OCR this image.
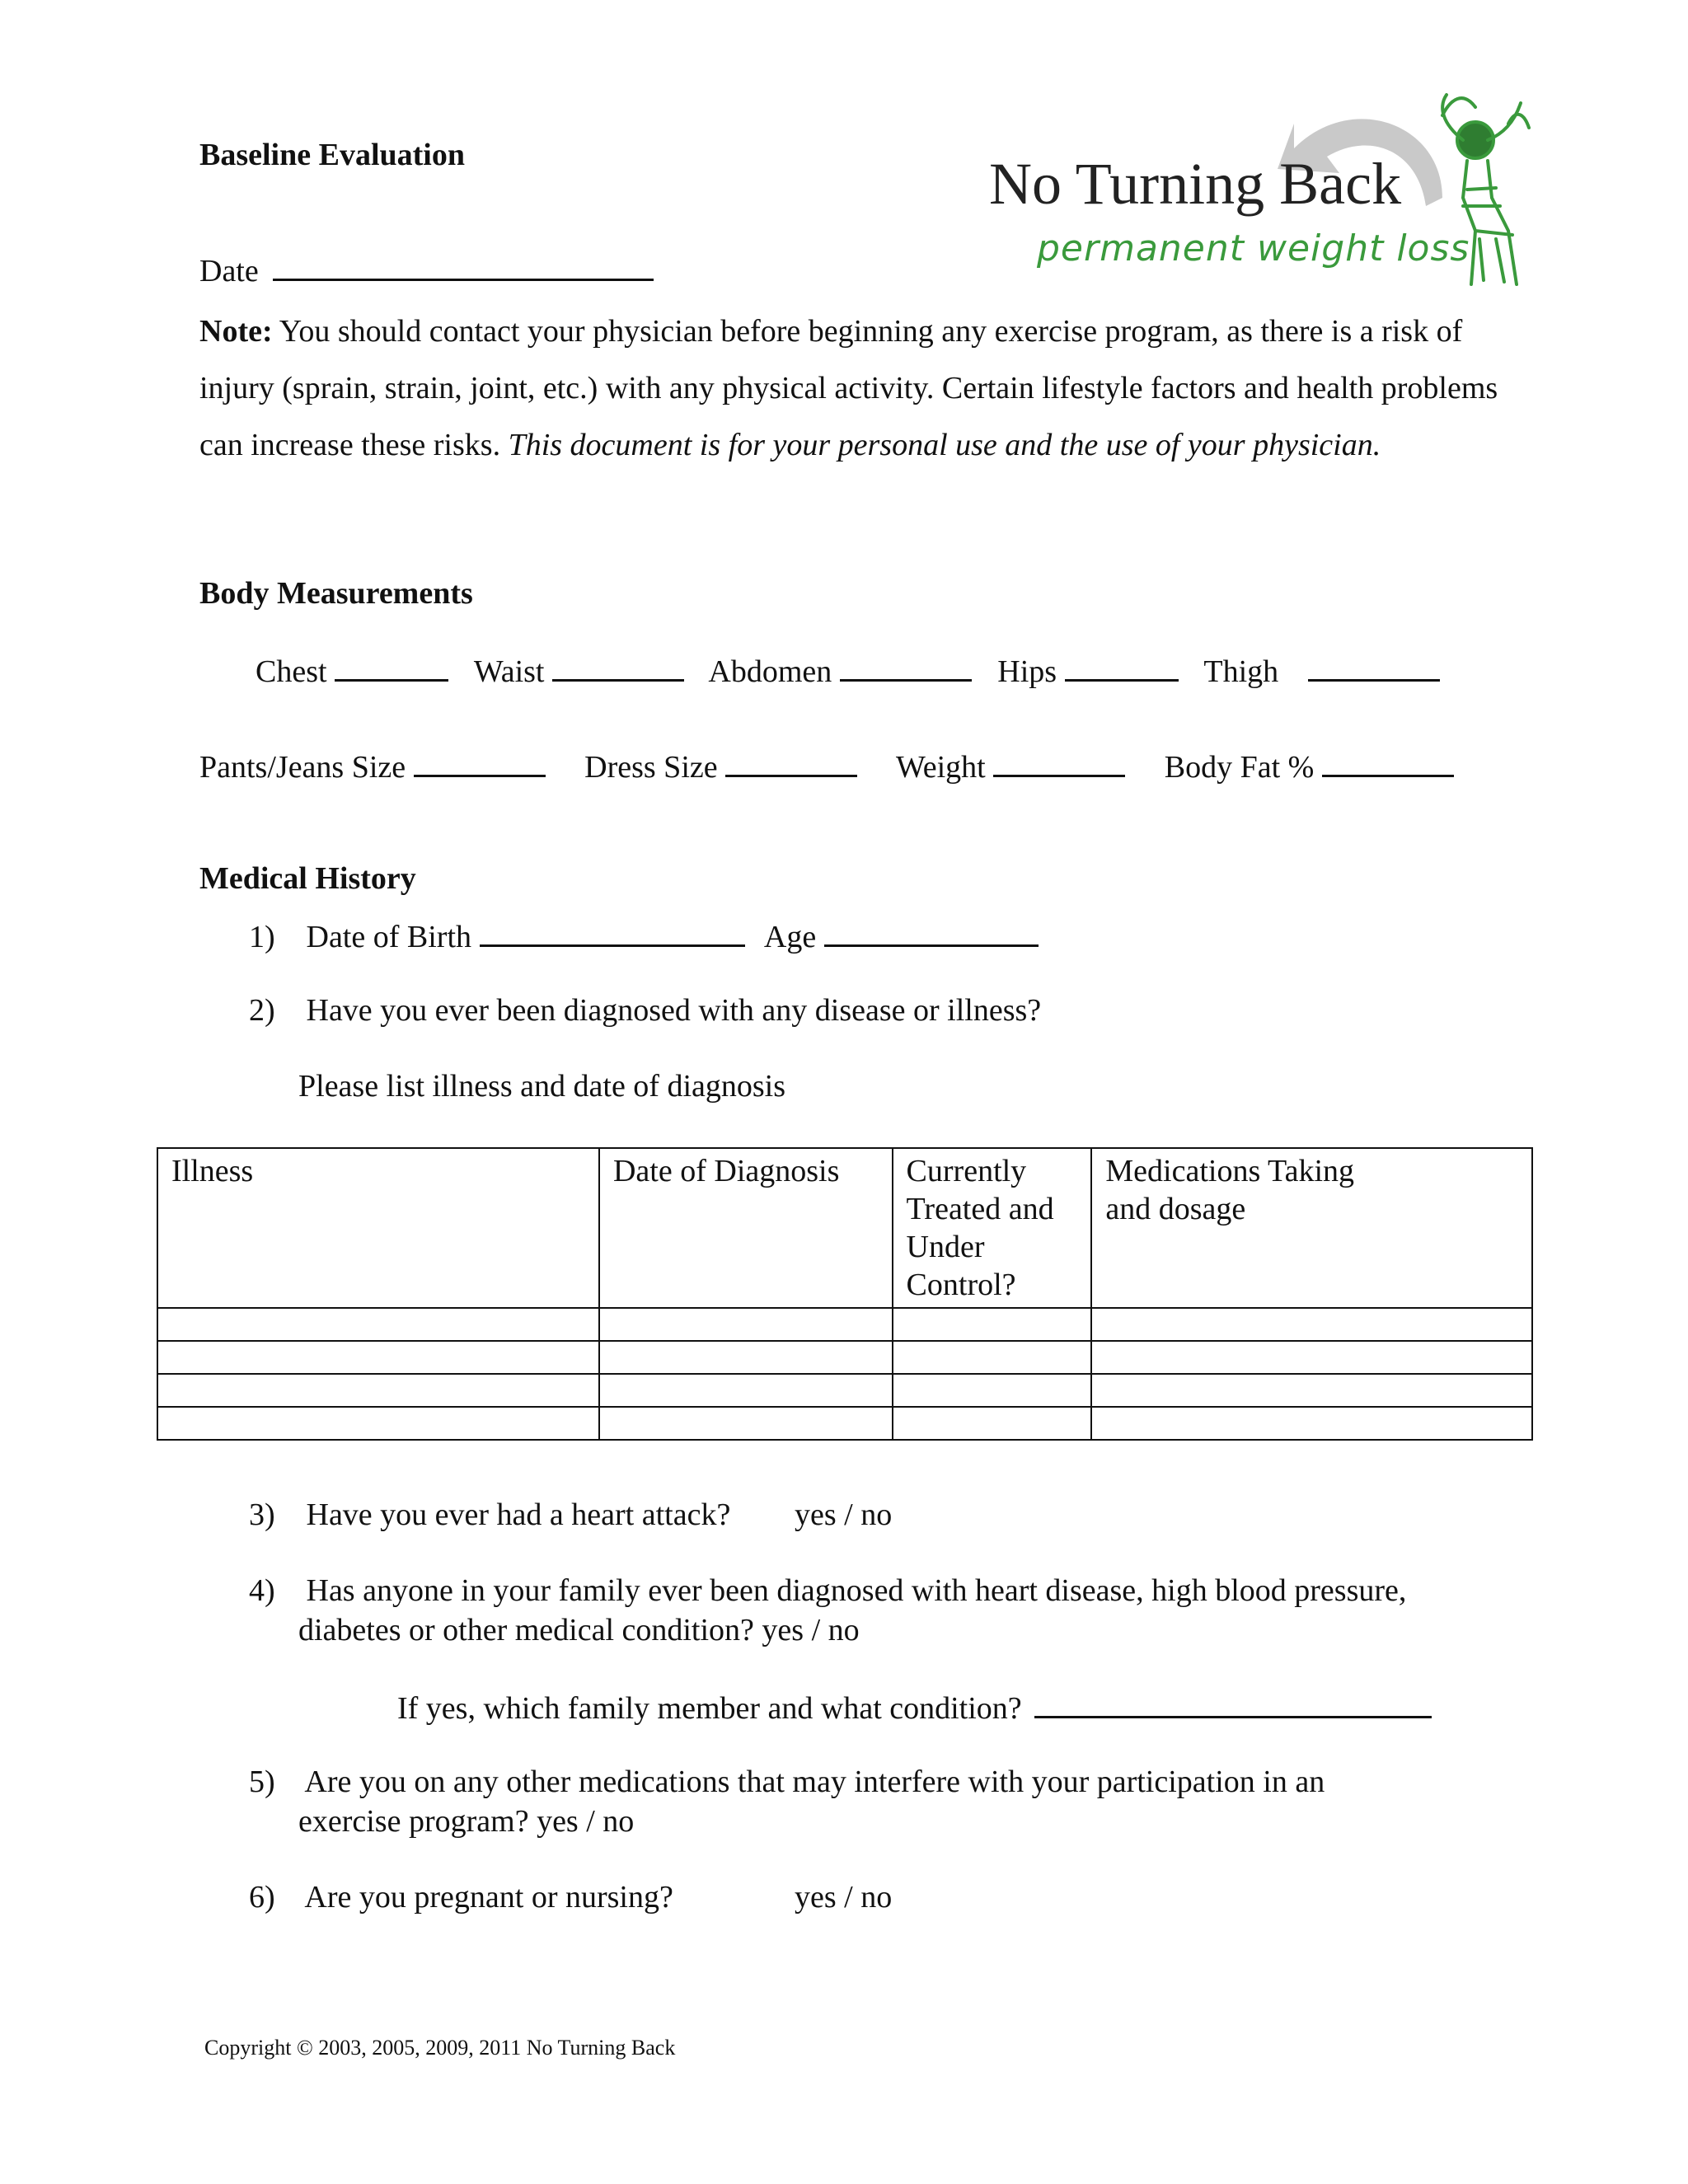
Baseline Evaluation
Date
No Turning Back
permanent weight loss
Note: You should contact your physician before beginning any exercise program, as there is a risk of injury (sprain, strain, joint, etc.) with any physical activity. Certain lifestyle factors and health problems can increase these risks. This document is for your personal use and the use of your physician.
Body Measurements
Chest	Waist	Abdomen	Hips	Thigh
Pants/Jeans Size	Dress Size	Weight	Body Fat %
Medical History
1) Date of Birth	Age
2) Have you ever been diagnosed with any disease or illness?
Please list illness and date of diagnosis
Illness	Date of Diagnosis	Currently Treated and Under Control?	Medications Taking and dosage

3) Have you ever had a heart attack? yes / no
4) Has anyone in your family ever been diagnosed with heart disease, high blood pressure,
diabetes or other medical condition? yes / no
If yes, which family member and what condition?
5) Are you on any other medications that may interfere with your participation in an
exercise program? yes / no
6) Are you pregnant or nursing?	yes / no
Copyright © 2003, 2005, 2009, 2011 No Turning Back
